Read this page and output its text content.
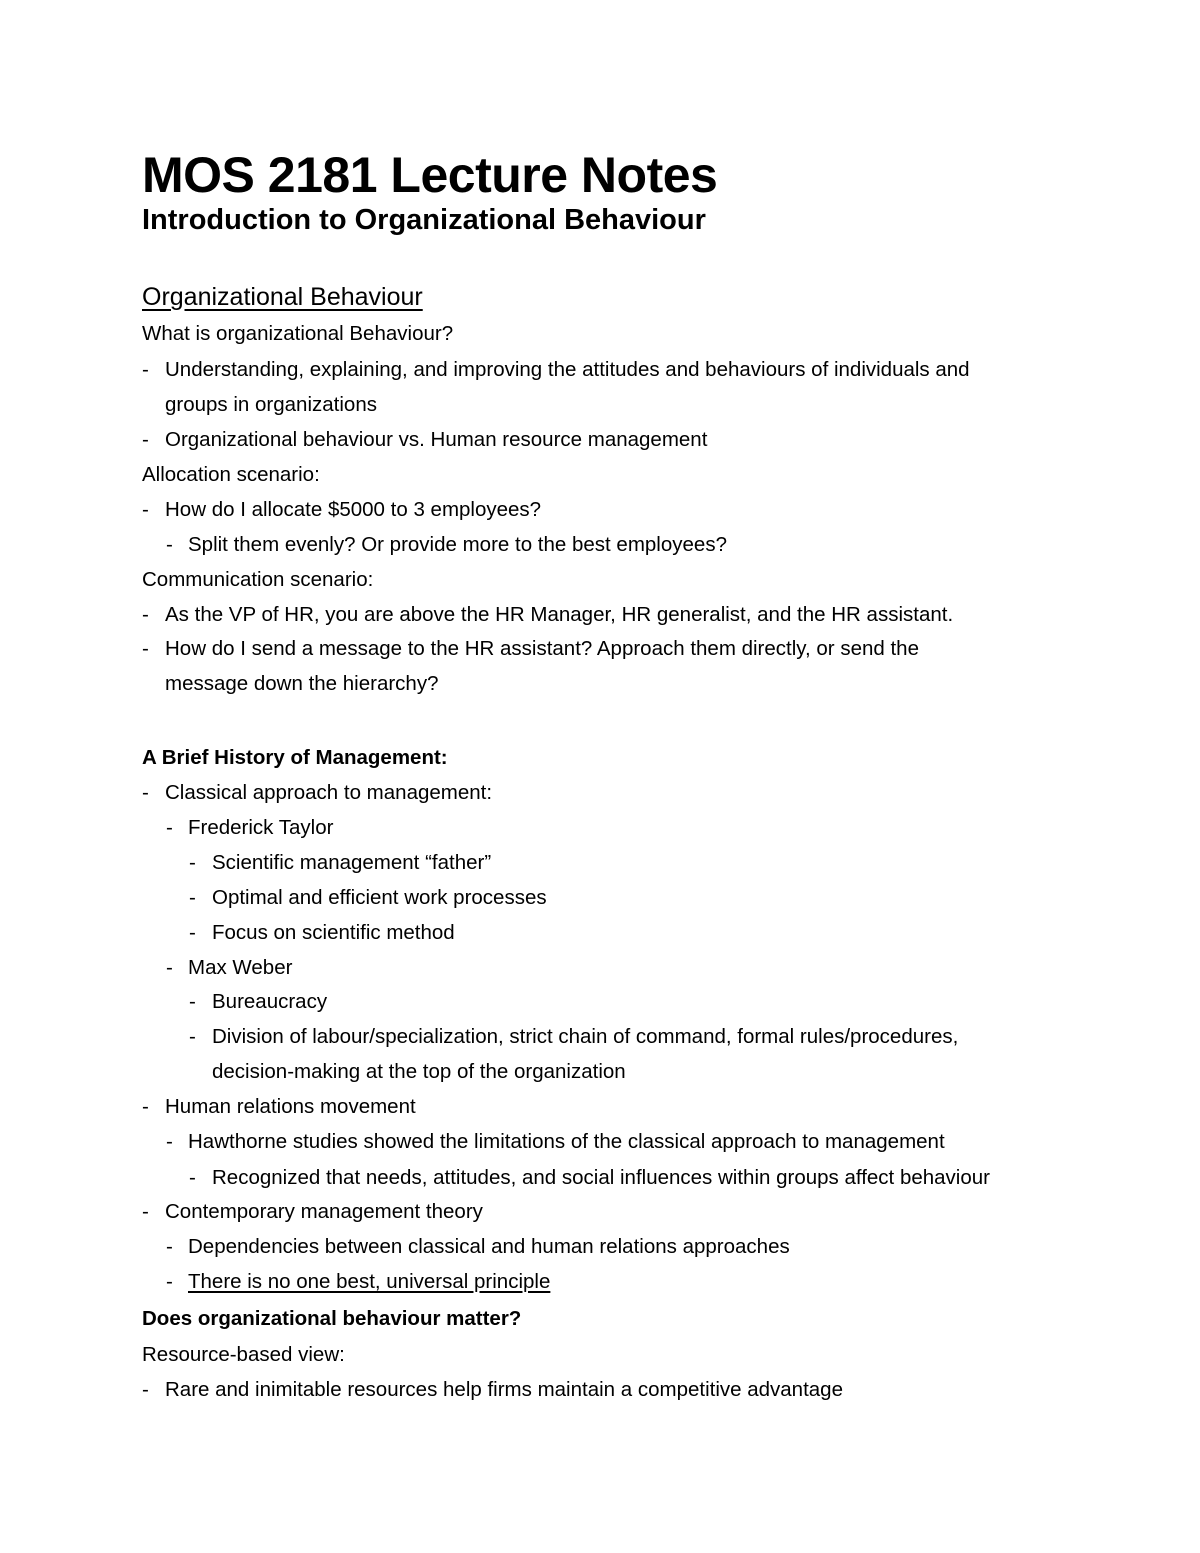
MOS 2181 Lecture Notes
Introduction to Organizational Behaviour
Organizational Behaviour
What is organizational Behaviour?
- Understanding, explaining, and improving the attitudes and behaviours of individuals and
groups in organizations
- Organizational behaviour vs. Human resource management
Allocation scenario:
- How do I allocate $5000 to 3 employees?
- Split them evenly? Or provide more to the best employees?
Communication scenario:
- As the VP of HR, you are above the HR Manager, HR generalist, and the HR assistant.
- How do I send a message to the HR assistant? Approach them directly, or send the
message down the hierarchy?
A Brief History of Management:
- Classical approach to management:
- Frederick Taylor
- Scientific management “father”
- Optimal and efficient work processes
- Focus on scientific method
- Max Weber
- Bureaucracy
- Division of labour/specialization, strict chain of command, formal rules/procedures,
decision-making at the top of the organization
- Human relations movement
- Hawthorne studies showed the limitations of the classical approach to management
- Recognized that needs, attitudes, and social influences within groups affect behaviour
- Contemporary management theory
- Dependencies between classical and human relations approaches
- There is no one best, universal principle
Does organizational behaviour matter?
Resource-based view:
- Rare and inimitable resources help firms maintain a competitive advantage
